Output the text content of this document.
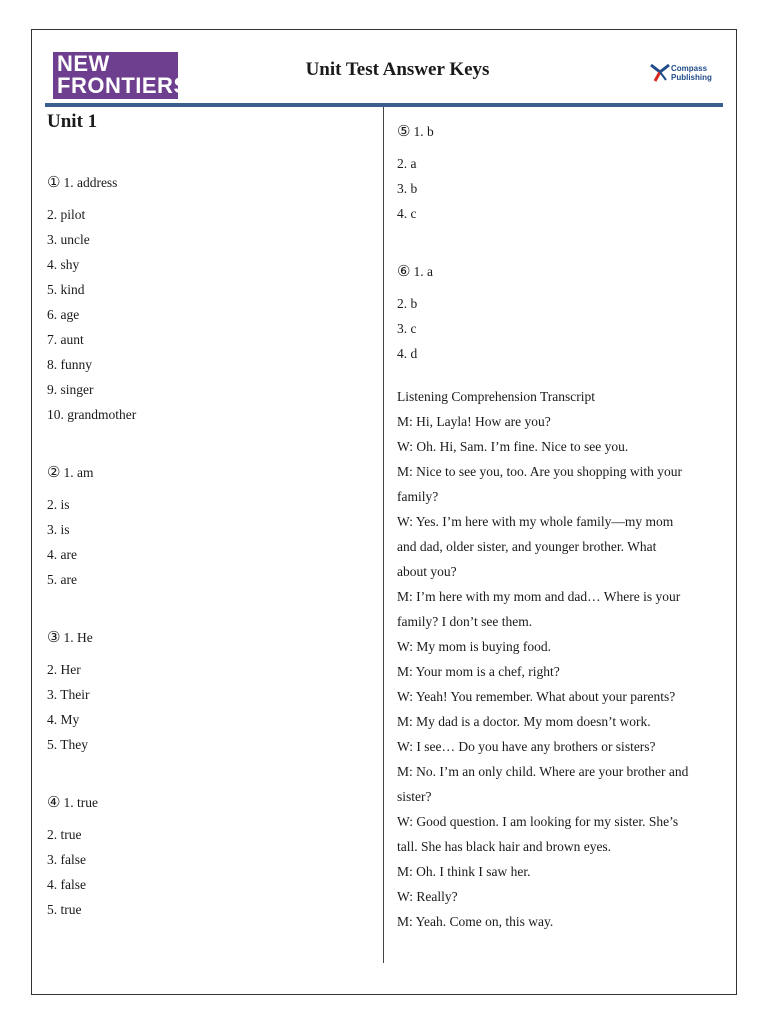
NEW
FRONTIERS
Unit Test Answer Keys	Compass
Publishing
Unit 1
① 1. address
2. pilot
3. uncle
4. shy
5. kind
6. age
7. aunt
8. funny
9. singer
10. grandmother
② 1. am
2. is
3. is
4. are
5. are
③ 1. He
2. Her
3. Their
4. My
5. They
④ 1. true
2. true
3. false
4. false
5. true
⑤ 1. b
2. a
3. b
4. c
⑥ 1. a
2. b
3. c
4. d
Listening Comprehension Transcript
M: Hi, Layla! How are you?
W: Oh. Hi, Sam. I’m fine. Nice to see you.
M: Nice to see you, too. Are you shopping with your
family?
W: Yes. I’m here with my whole family—my mom
and dad, older sister, and younger brother. What
about you?
M: I’m here with my mom and dad… Where is your
family? I don’t see them.
W: My mom is buying food.
M: Your mom is a chef, right?
W: Yeah! You remember. What about your parents?
M: My dad is a doctor. My mom doesn’t work.
W: I see… Do you have any brothers or sisters?
M: No. I’m an only child. Where are your brother and
sister?
W: Good question. I am looking for my sister. She’s
tall. She has black hair and brown eyes.
M: Oh. I think I saw her.
W: Really?
M: Yeah. Come on, this way.
